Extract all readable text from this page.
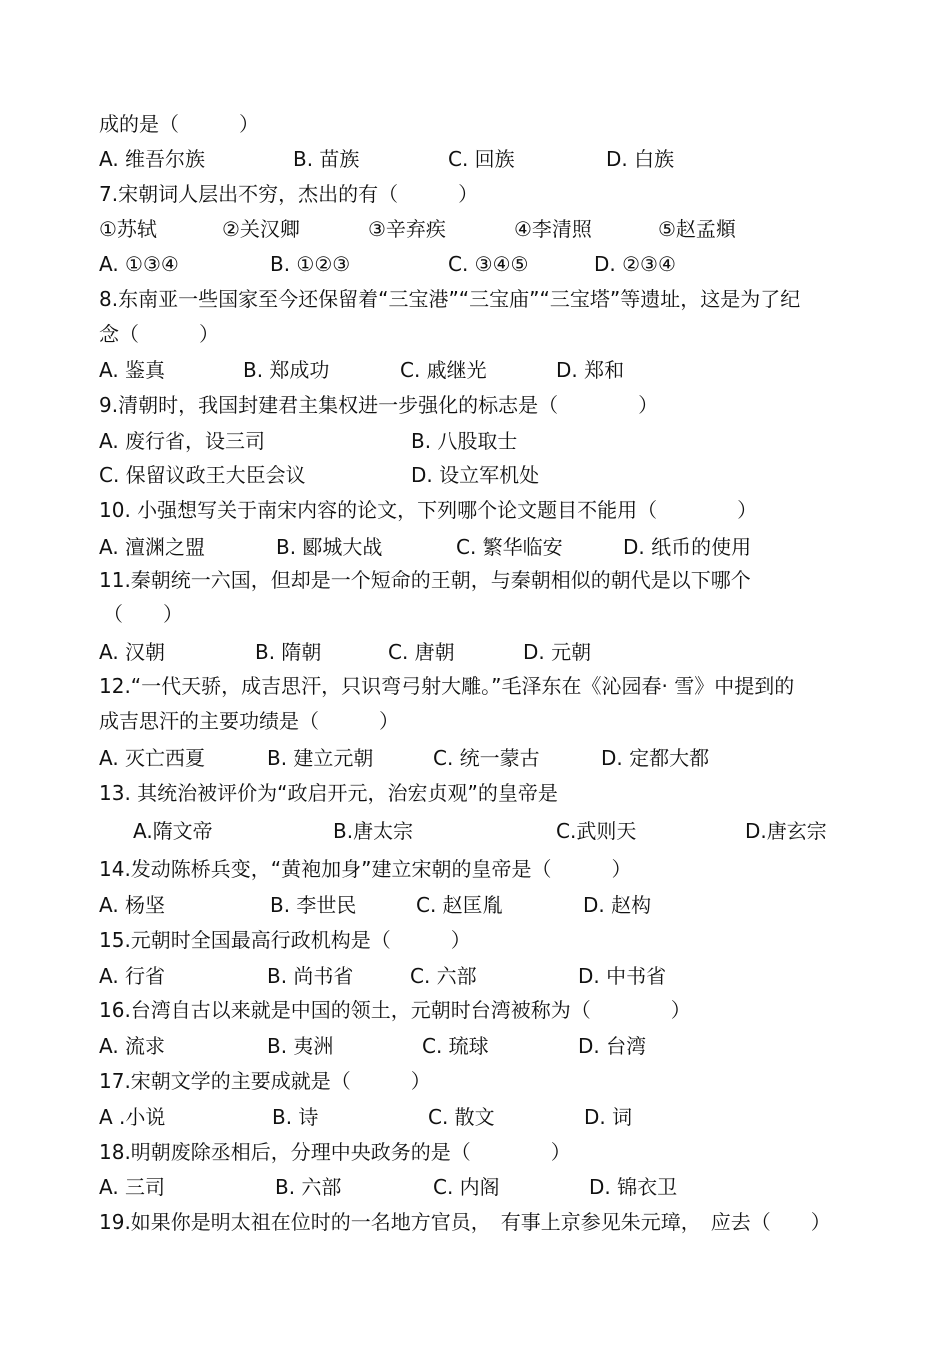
成的是（　　　）
A. 维吾尔族	B. 苗族	C. 回族	D. 白族
7.宋朝词人层出不穷，杰出的有（　　　）
①苏轼	②关汉卿	③辛弃疾	④李清照	⑤赵孟頫
A. ①③④	B. ①②③	C. ③④⑤	D. ②③④
8.东南亚一些国家至今还保留着“三宝港”“三宝庙”“三宝塔”等遗址，这是为了纪
念（　　　）
A. 鉴真	B. 郑成功	C. 戚继光	D. 郑和
9.清朝时，我国封建君主集权进一步强化的标志是（　　　　）
A. 废行省，设三司	B. 八股取士
C. 保留议政王大臣会议	D. 设立军机处
10. 小强想写关于南宋内容的论文，下列哪个论文题目不能用（　　　　）
A. 澶渊之盟	B. 郾城大战	C. 繁华临安	D. 纸币的使用
11.秦朝统一六国，但却是一个短命的王朝，与秦朝相似的朝代是以下哪个
（　　）
A. 汉朝	B. 隋朝	C. 唐朝	D. 元朝
12.“一代天骄，成吉思汗，只识弯弓射大雕。”毛泽东在《沁园春· 雪》中提到的
成吉思汗的主要功绩是（　　　）
A. 灭亡西夏	B. 建立元朝	C. 统一蒙古	D. 定都大都
13. 其统治被评价为“政启开元，治宏贞观”的皇帝是
A.隋文帝	B.唐太宗	C.武则天	D.唐玄宗
14.发动陈桥兵变，“黄袍加身”建立宋朝的皇帝是（　　　）
A. 杨坚	B. 李世民	C. 赵匡胤	D. 赵构
15.元朝时全国最高行政机构是（　　　）
A. 行省	B. 尚书省	C. 六部	D. 中书省
16.台湾自古以来就是中国的领土，元朝时台湾被称为（　　　　）
A. 流求	B. 夷洲	C. 琉球	D. 台湾
17.宋朝文学的主要成就是（　　　）
A .小说	B. 诗	C. 散文	D. 词
18.明朝废除丞相后，分理中央政务的是（　　　　）
A. 三司	B. 六部	C. 内阁	D. 锦衣卫
19.如果你是明太祖在位时的一名地方官员，　有事上京参见朱元璋，　应去（　　）
